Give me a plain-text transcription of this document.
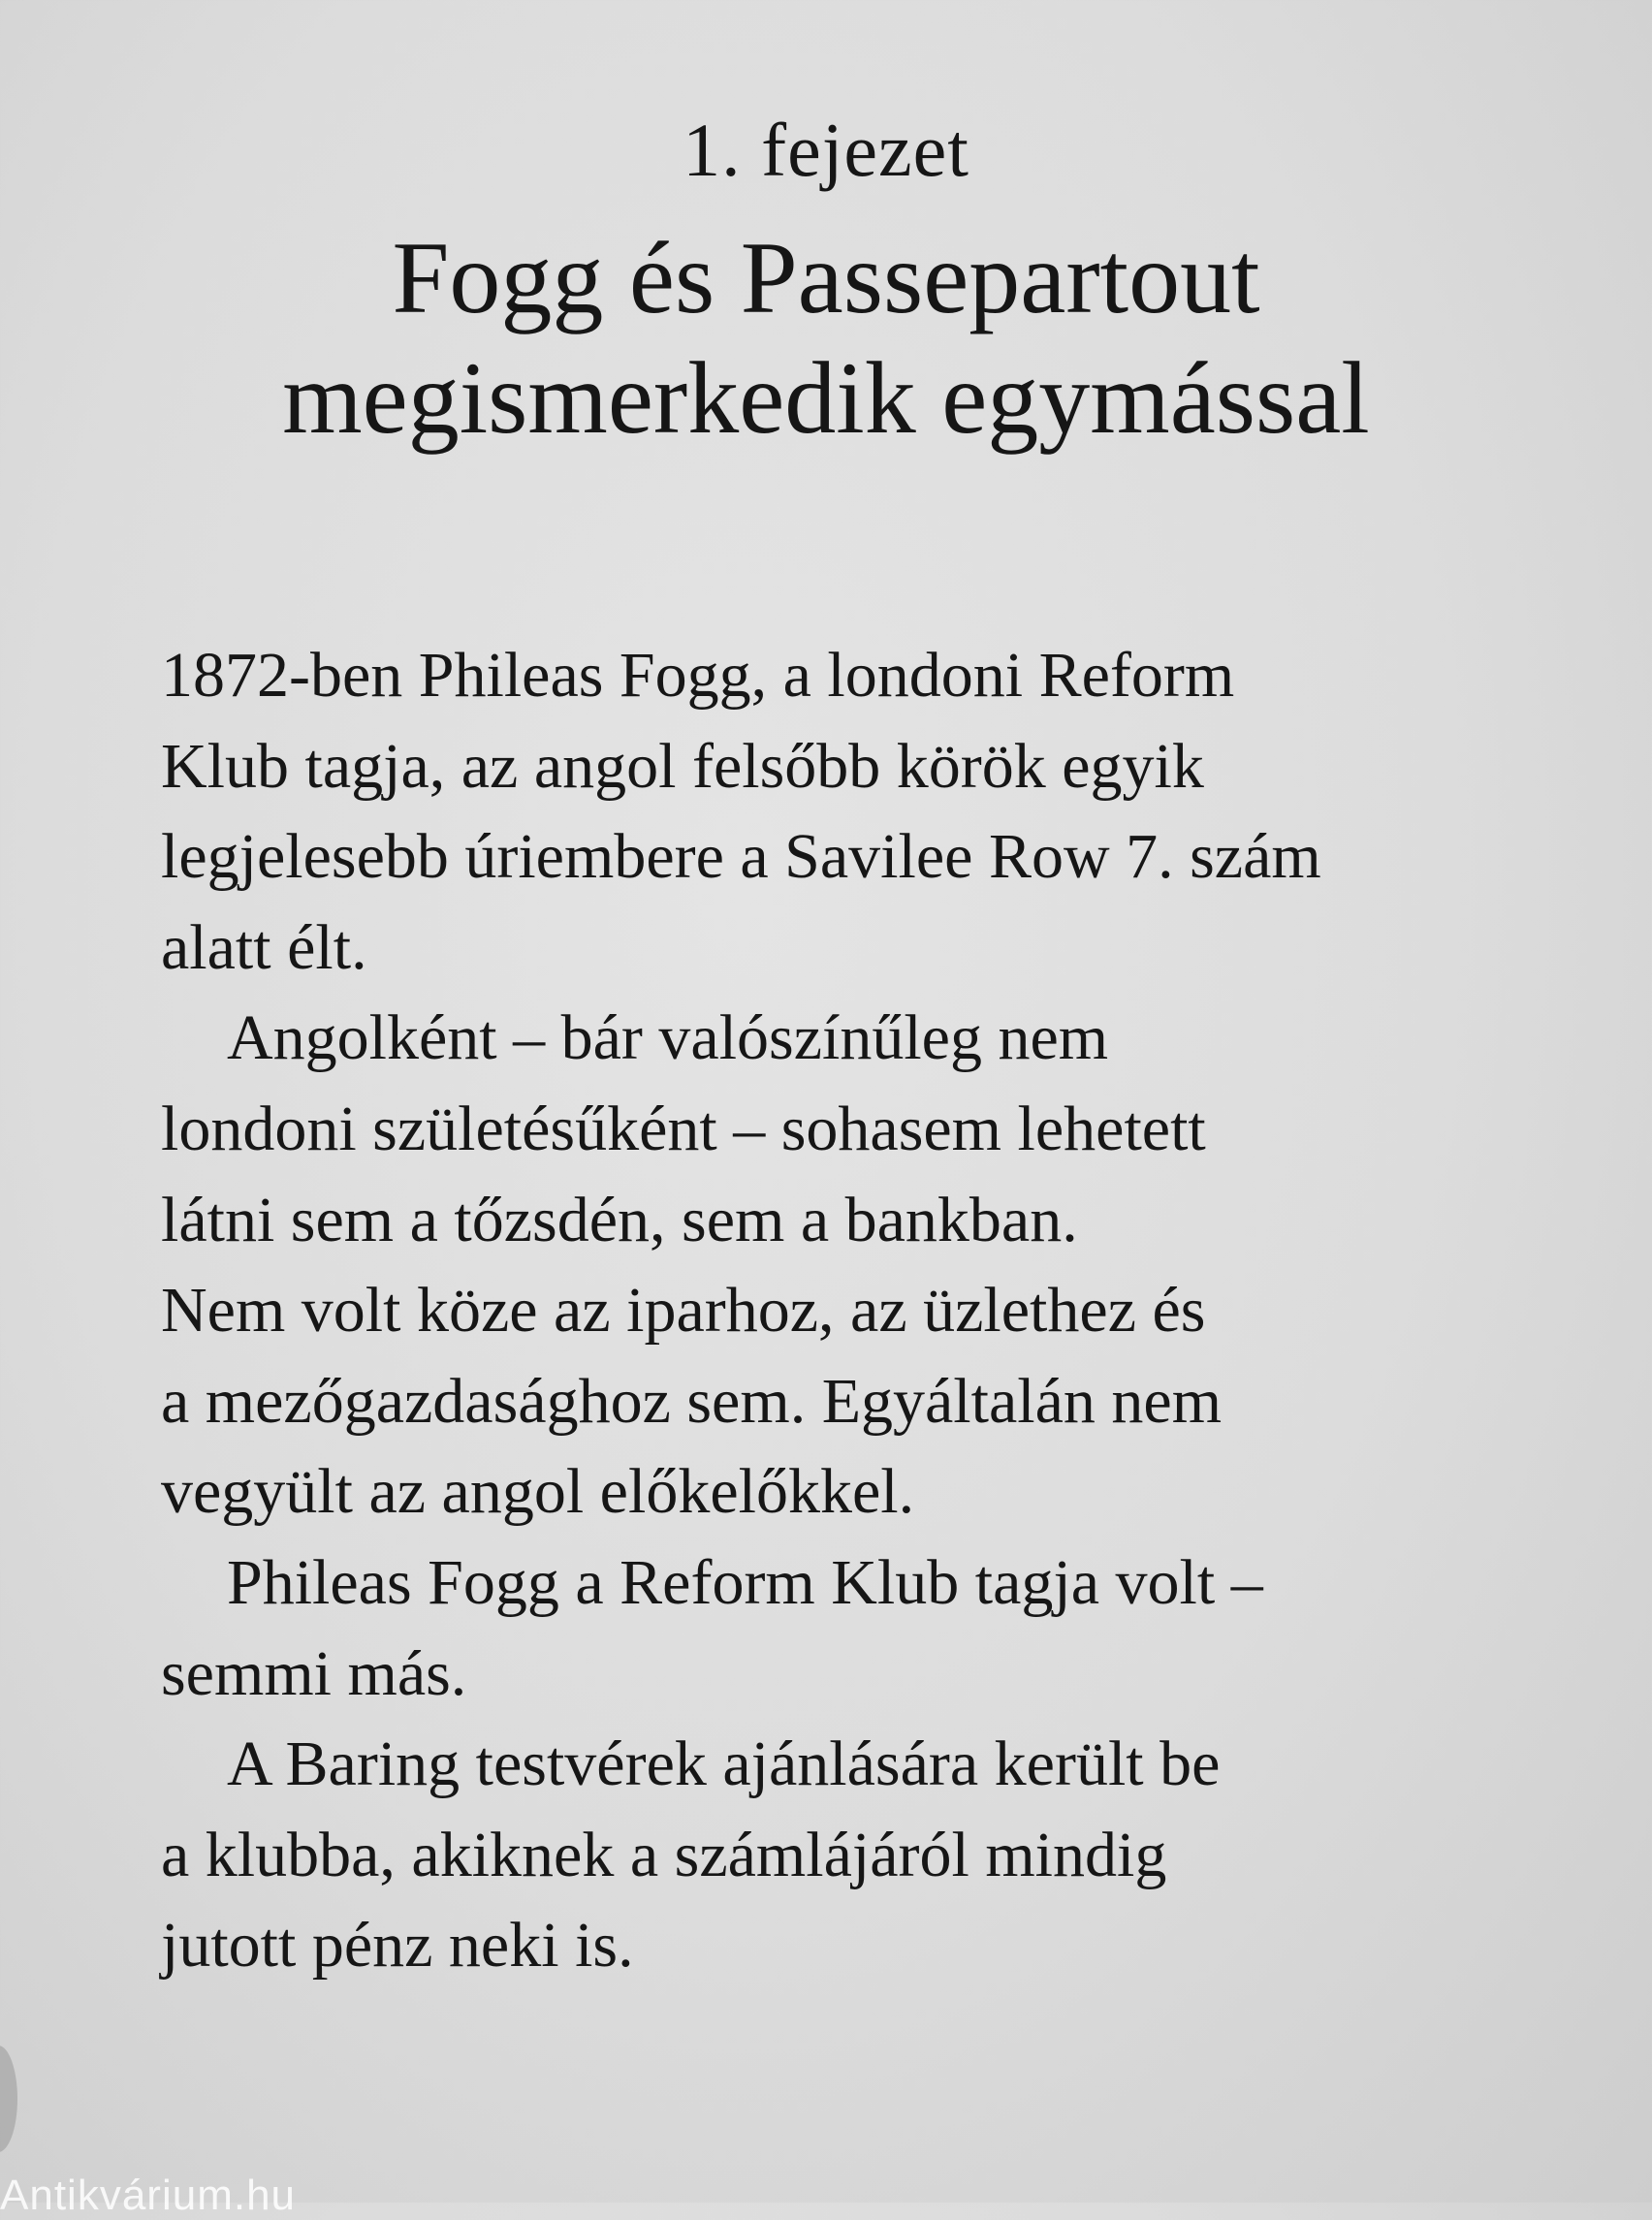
1. fejezet
Fogg és Passepartout
megismerkedik egymással
1872-ben Phileas Fogg, a londoni Reform
Klub tagja, az angol felsőbb körök egyik
legjelesebb úriembere a Savilee Row 7. szám
alatt élt.
Angolként – bár valószínűleg nem
londoni születésűként – sohasem lehetett
látni sem a tőzsdén, sem a bankban.
Nem volt köze az iparhoz, az üzlethez és
a mezőgazdasághoz sem. Egyáltalán nem
vegyült az angol előkelőkkel.
Phileas Fogg a Reform Klub tagja volt –
semmi más.
A Baring testvérek ajánlására került be
a klubba, akiknek a számlájáról mindig
jutott pénz neki is.
Antikvárium.hu
